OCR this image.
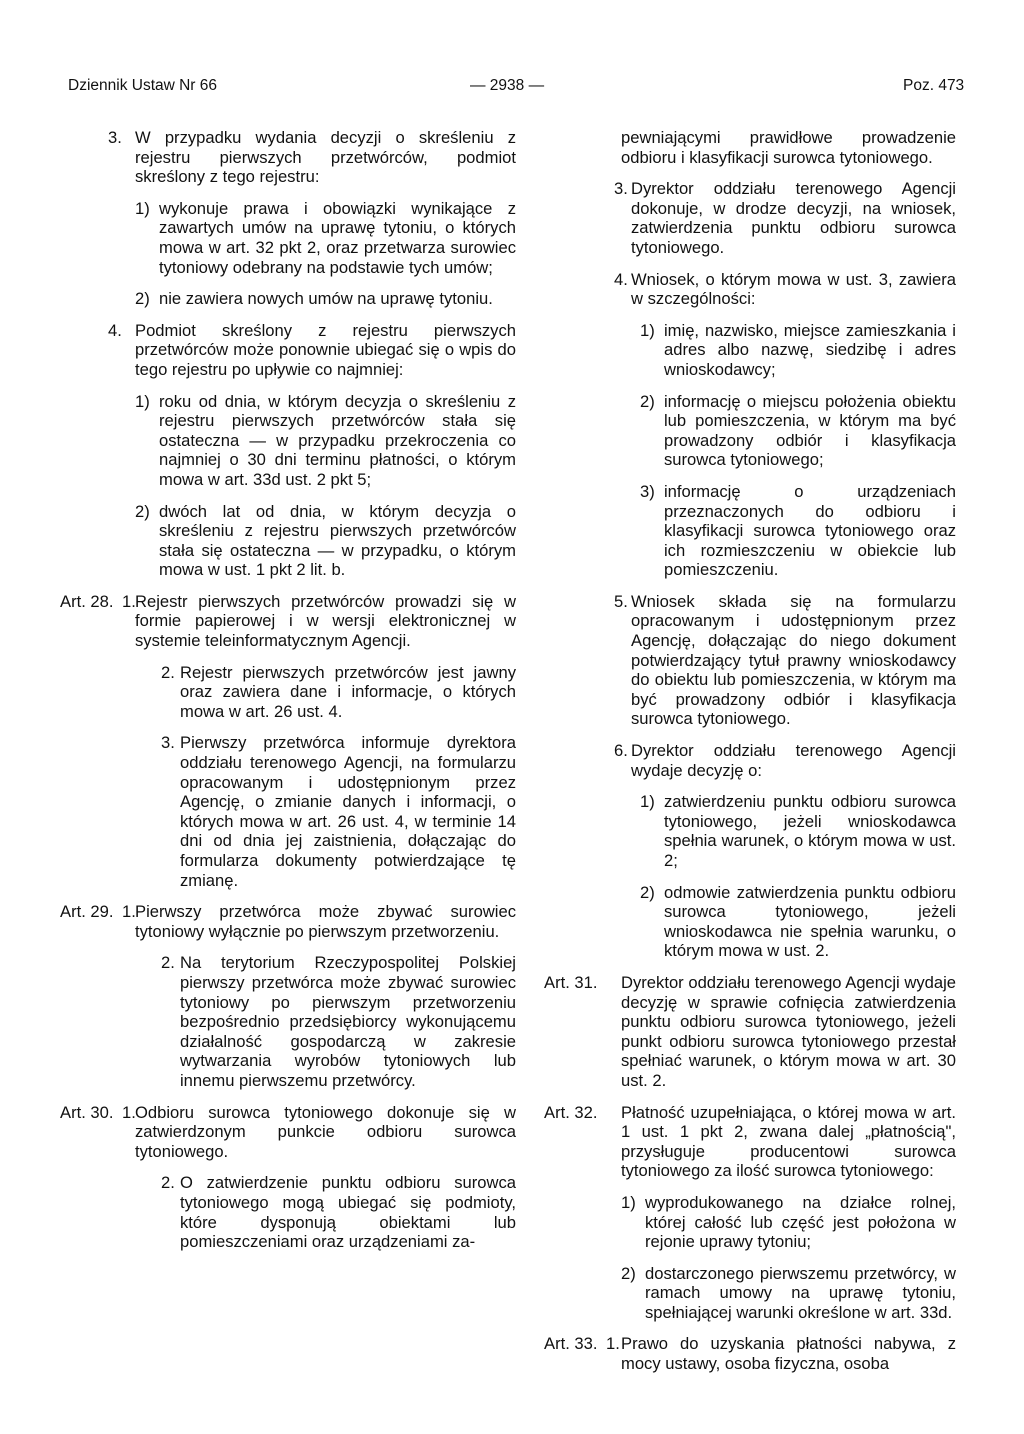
Dziennik Ustaw Nr 66	— 2938 —	Poz. 473
3. W przypadku wydania decyzji o skreśleniu z rejestru pierwszych przetwórców, podmiot skreślony z tego rejestru:
1) wykonuje prawa i obowiązki wynikające z zawartych umów na uprawę tytoniu, o których mowa w art. 32 pkt 2, oraz przetwarza surowiec tytoniowy odebrany na podstawie tych umów;
2) nie zawiera nowych umów na uprawę tytoniu.
4. Podmiot skreślony z rejestru pierwszych przetwórców może ponownie ubiegać się o wpis do tego rejestru po upływie co najmniej:
1) roku od dnia, w którym decyzja o skreśleniu z rejestru pierwszych przetwórców stała się ostateczna — w przypadku przekroczenia co najmniej o 30 dni terminu płatności, o którym mowa w art. 33d ust. 2 pkt 5;
2) dwóch lat od dnia, w którym decyzja o skreśleniu z rejestru pierwszych przetwórców stała się ostateczna — w przypadku, o którym mowa w ust. 1 pkt 2 lit. b.
Art. 28. 1. Rejestr pierwszych przetwórców prowadzi się w formie papierowej i w wersji elektronicznej w systemie teleinformatycznym Agencji.
2. Rejestr pierwszych przetwórców jest jawny oraz zawiera dane i informacje, o których mowa w art. 26 ust. 4.
3. Pierwszy przetwórca informuje dyrektora oddziału terenowego Agencji, na formularzu opracowanym i udostępnionym przez Agencję, o zmianie danych i informacji, o których mowa w art. 26 ust. 4, w terminie 14 dni od dnia jej zaistnienia, dołączając do formularza dokumenty potwierdzające tę zmianę.
Art. 29. 1. Pierwszy przetwórca może zbywać surowiec tytoniowy wyłącznie po pierwszym przetworzeniu.
2. Na terytorium Rzeczypospolitej Polskiej pierwszy przetwórca może zbywać surowiec tytoniowy po pierwszym przetworzeniu bezpośrednio przedsiębiorcy wykonującemu działalność gospodarczą w zakresie wytwarzania wyrobów tytoniowych lub innemu pierwszemu przetwórcy.
Art. 30. 1. Odbioru surowca tytoniowego dokonuje się w zatwierdzonym punkcie odbioru surowca tytoniowego.
2. O zatwierdzenie punktu odbioru surowca tytoniowego mogą ubiegać się podmioty, które dysponują obiektami lub pomieszczeniami oraz urządzeniami za-
pewniającymi prawidłowe prowadzenie odbioru i klasyfikacji surowca tytoniowego.
3. Dyrektor oddziału terenowego Agencji dokonuje, w drodze decyzji, na wniosek, zatwierdzenia punktu odbioru surowca tytoniowego.
4. Wniosek, o którym mowa w ust. 3, zawiera w szczególności:
1) imię, nazwisko, miejsce zamieszkania i adres albo nazwę, siedzibę i adres wnioskodawcy;
2) informację o miejscu położenia obiektu lub pomieszczenia, w którym ma być prowadzony odbiór i klasyfikacja surowca tytoniowego;
3) informację o urządzeniach przeznaczonych do odbioru i klasyfikacji surowca tytoniowego oraz ich rozmieszczeniu w obiekcie lub pomieszczeniu.
5. Wniosek składa się na formularzu opracowanym i udostępnionym przez Agencję, dołączając do niego dokument potwierdzający tytuł prawny wnioskodawcy do obiektu lub pomieszczenia, w którym ma być prowadzony odbiór i klasyfikacja surowca tytoniowego.
6. Dyrektor oddziału terenowego Agencji wydaje decyzję o:
1) zatwierdzeniu punktu odbioru surowca tytoniowego, jeżeli wnioskodawca spełnia warunek, o którym mowa w ust. 2;
2) odmowie zatwierdzenia punktu odbioru surowca tytoniowego, jeżeli wnioskodawca nie spełnia warunku, o którym mowa w ust. 2.
Art. 31.	Dyrektor oddziału terenowego Agencji wydaje decyzję w sprawie cofnięcia zatwierdzenia punktu odbioru surowca tytoniowego, jeżeli punkt odbioru surowca tytoniowego przestał spełniać warunek, o którym mowa w art. 30 ust. 2.
Art. 32.	Płatność uzupełniająca, o której mowa w art. 1 ust. 1 pkt 2, zwana dalej „płatnością", przysługuje producentowi surowca tytoniowego za ilość surowca tytoniowego:
1) wyprodukowanego na działce rolnej, której całość lub część jest położona w rejonie uprawy tytoniu;
2) dostarczonego pierwszemu przetwórcy, w ramach umowy na uprawę tytoniu, spełniającej warunki określone w art. 33d.
Art. 33. 1. Prawo do uzyskania płatności nabywa, z mocy ustawy, osoba fizyczna, osoba
